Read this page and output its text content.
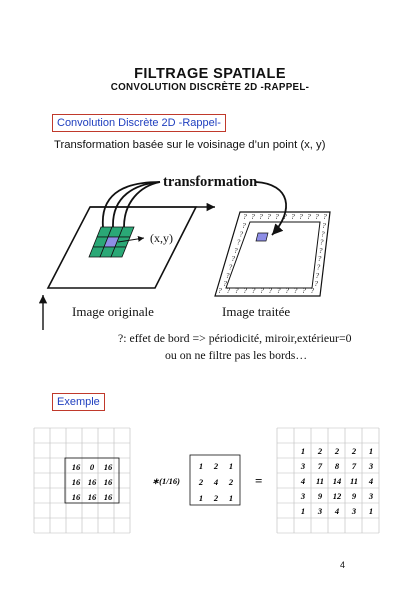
FILTRAGE SPATIALE
CONVOLUTION DISCRÈTE 2D -RAPPEL-
Convolution Discrète 2D -Rappel-
Transformation basée sur le voisinage d’un point (x, y)
? ? ? ? ? ? ? ? ? ? ?
? ? ? ? ? ? ? ? ? ? ? ?
?
?
?
?
?
?
?
?
?
?
?
?
?
?
?
?
transformation
(x,y)
Image originale	Image traitée
?: effet de bord => périodicité, miroir,extérieur=0
ou on ne filtre pas les bords…
Exemple
16 0 16
16 16 16
16 16 16
∗(1/16)
1 2 1
2 4 2
1 2 1
=
1 2 2 2 1
3 7 8 7 3
4 11 14 11 4
3 9 12 9 3
1 3 4 3 1
4
